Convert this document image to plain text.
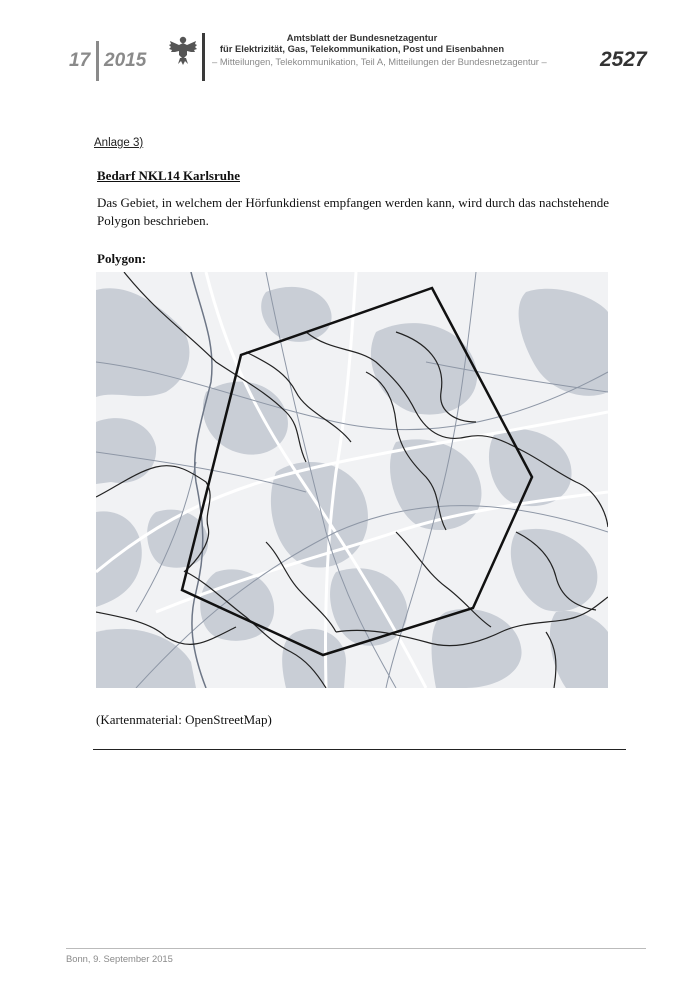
17 2015
Amtsblatt der Bundesnetzagentur
für Elektrizität, Gas, Telekommunikation, Post und Eisenbahnen
– Mitteilungen, Telekommunikation, Teil A, Mitteilungen der Bundesnetzagentur –	2527
Anlage 3)
Bedarf NKL14 Karlsruhe
Das Gebiet, in welchem der Hörfunkdienst empfangen werden kann, wird durch das nachstehende Polygon beschrieben.
Polygon:
(Kartenmaterial: OpenStreetMap)
Bonn, 9. September 2015
